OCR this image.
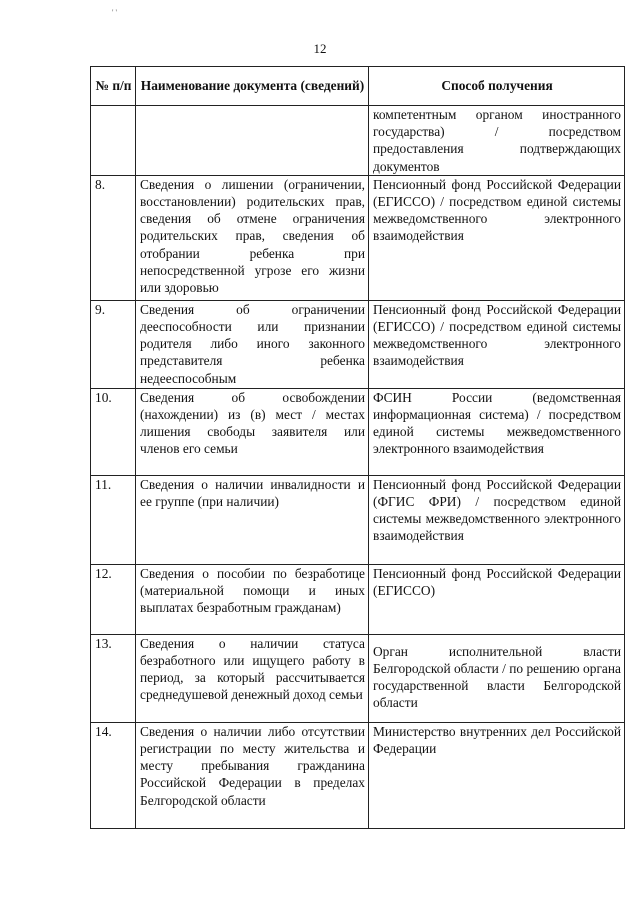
' '
12
№ п/п	Наименование документа (сведений)	Способ получения
		компетентным органом иностранного государства) / посредством предоставления подтверждающих документов
8.	Сведения о лишении (ограничении, восстановлении) родительских прав, сведения об отмене ограничения родительских прав, сведения об отобрании ребенка при непосредственной угрозе его жизни или здоровью	Пенсионный фонд Российской Федерации (ЕГИССО) / посредством единой системы межведомственного электронного взаимодействия
9.	Сведения об ограничении дееспособности или признании родителя либо иного законного представителя ребенка недееспособным	Пенсионный фонд Российской Федерации (ЕГИССО) / посредством единой системы межведомственного электронного взаимодействия
10.	Сведения об освобождении (нахождении) из (в) мест / местах лишения свободы заявителя или членов его семьи	ФСИН России (ведомственная информационная система) / посредством единой системы межведомственного электронного взаимодействия
11.	Сведения о наличии инвалидности и ее группе (при наличии)	Пенсионный фонд Российской Федерации (ФГИС ФРИ) / посредством единой системы межведомственного электронного взаимодействия
12.	Сведения о пособии по безработице (материальной помощи и иных выплатах безработным гражданам)	Пенсионный фонд Российской Федерации (ЕГИССО)
13.	Сведения о наличии статуса безработного или ищущего работу в период, за который рассчитывается среднедушевой денежный доход семьи	Орган исполнительной власти Белгородской области / по решению органа государственной власти Белгородской области
14.	Сведения о наличии либо отсутствии регистрации по месту жительства и месту пребывания гражданина Российской Федерации в пределах Белгородской области	Министерство внутренних дел Российской Федерации
